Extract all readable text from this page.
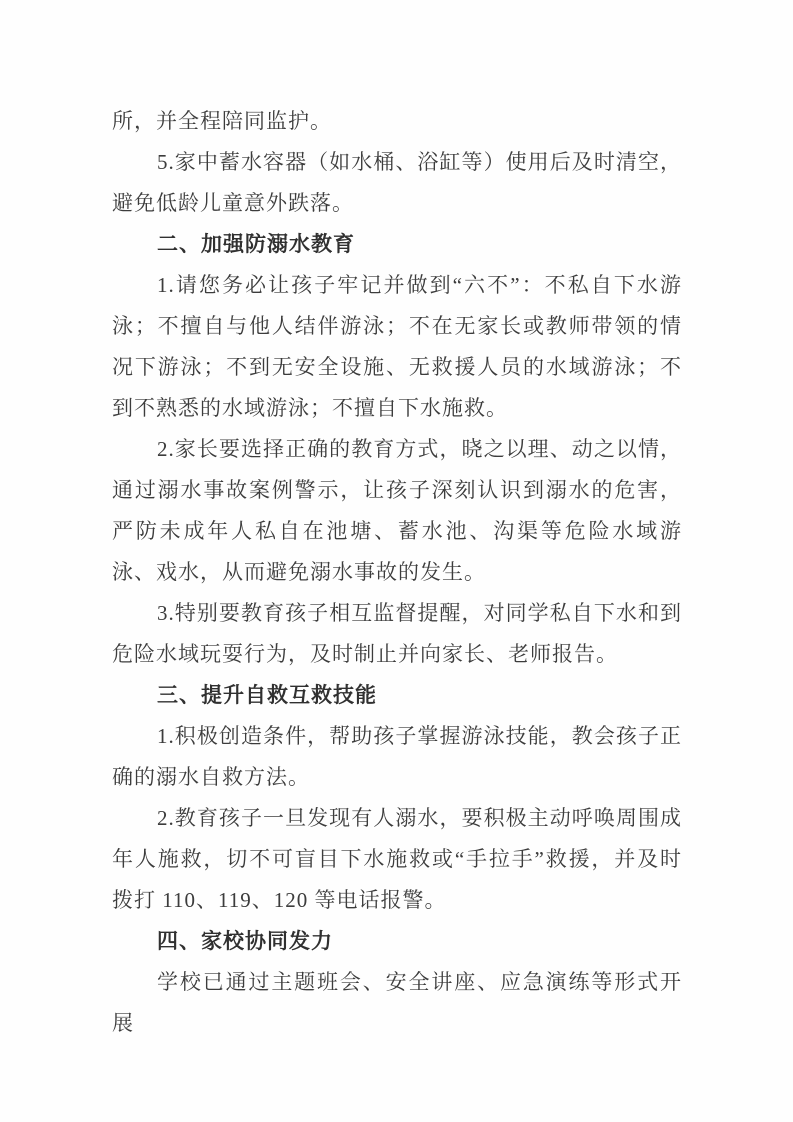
所，并全程陪同监护。

5.家中蓄水容器（如水桶、浴缸等）使用后及时清空，避免低龄儿童意外跌落。

二、加强防溺水教育

1.请您务必让孩子牢记并做到“六不”：不私自下水游泳；不擅自与他人结伴游泳；不在无家长或教师带领的情况下游泳；不到无安全设施、无救援人员的水域游泳；不到不熟悉的水域游泳；不擅自下水施救。

2.家长要选择正确的教育方式，晓之以理、动之以情，通过溺水事故案例警示，让孩子深刻认识到溺水的危害，严防未成年人私自在池塘、蓄水池、沟渠等危险水域游泳、戏水，从而避免溺水事故的发生。

3.特别要教育孩子相互监督提醒，对同学私自下水和到危险水域玩耍行为，及时制止并向家长、老师报告。

三、提升自救互救技能

1.积极创造条件，帮助孩子掌握游泳技能，教会孩子正确的溺水自救方法。

2.教育孩子一旦发现有人溺水，要积极主动呼唤周围成年人施救，切不可盲目下水施救或“手拉手”救援，并及时拨打 110、119、120 等电话报警。

四、家校协同发力

学校已通过主题班会、安全讲座、应急演练等形式开展
